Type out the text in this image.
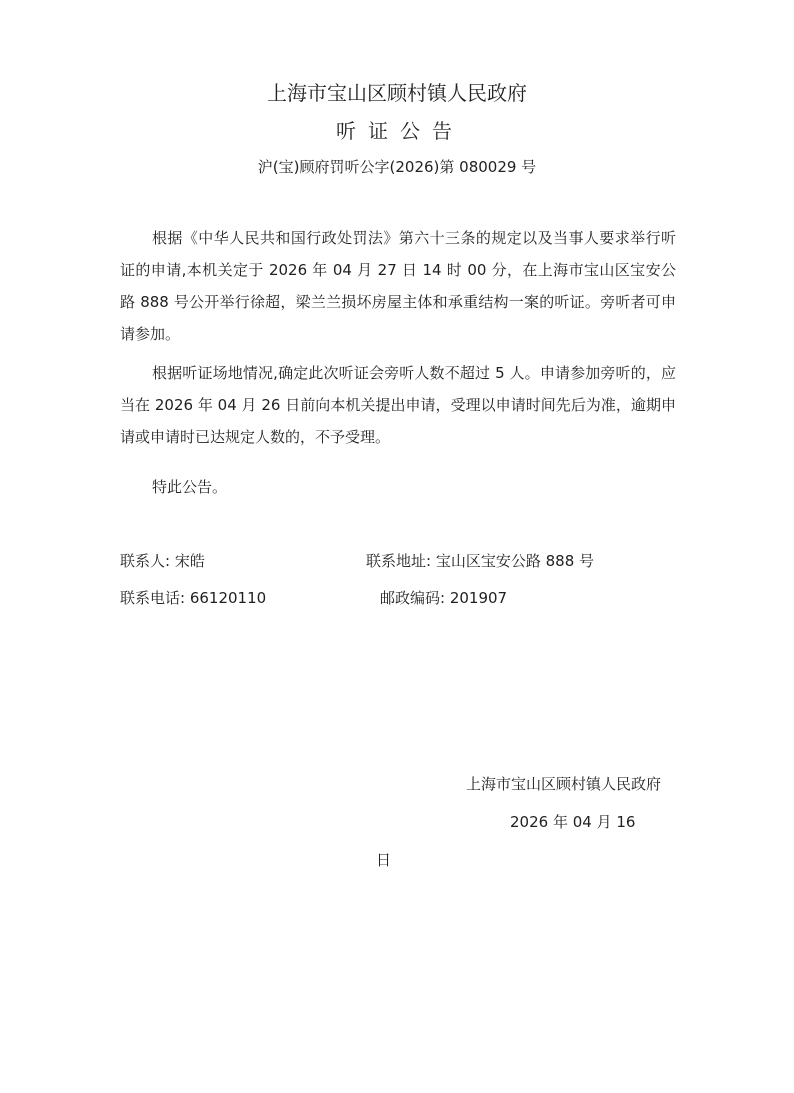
上海市宝山区顾村镇人民政府
听证公告
沪(宝)顾府罚听公字(2026)第 080029 号

根据《中华人民共和国行政处罚法》第六十三条的规定以及当事人要求举行听证的申请,本机关定于 2026 年 04 月 27 日 14 时 00 分，在上海市宝山区宝安公路 888 号公开举行徐超，梁兰兰损坏房屋主体和承重结构一案的听证。旁听者可申请参加。

根据听证场地情况,确定此次听证会旁听人数不超过 5 人。申请参加旁听的，应当在 2026 年 04 月 26 日前向本机关提出申请，受理以申请时间先后为准，逾期申请或申请时已达规定人数的，不予受理。

特此公告。

联系人: 宋皓	联系地址: 宝山区宝安公路 888 号
联系电话: 66120110	邮政编码: 201907
上海市宝山区顾村镇人民政府
2026 年 04 月 16
日
